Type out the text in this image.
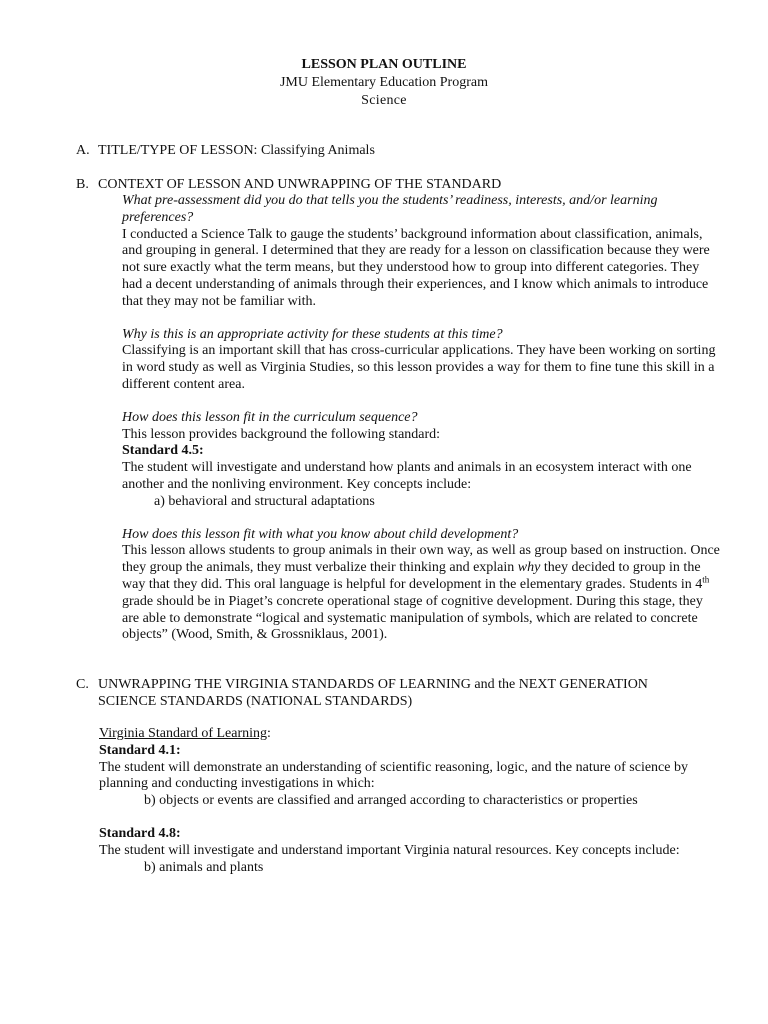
LESSON PLAN OUTLINE
JMU Elementary Education Program
Science
A. TITLE/TYPE OF LESSON: Classifying Animals
B. CONTEXT OF LESSON AND UNWRAPPING OF THE STANDARD

What pre-assessment did you do that tells you the students’ readiness, interests, and/or learning preferences?

I conducted a Science Talk to gauge the students’ background information about classification, animals, and grouping in general. I determined that they are ready for a lesson on classification because they were not sure exactly what the term means, but they understood how to group into different categories. They had a decent understanding of animals through their experiences, and I know which animals to introduce that they may not be familiar with.

Why is this is an appropriate activity for these students at this time?

Classifying is an important skill that has cross-curricular applications. They have been working on sorting in word study as well as Virginia Studies, so this lesson provides a way for them to fine tune this skill in a different content area.

How does this lesson fit in the curriculum sequence?

This lesson provides background the following standard:

Standard 4.5:

The student will investigate and understand how plants and animals in an ecosystem interact with one another and the nonliving environment. Key concepts include:

a) behavioral and structural adaptations

How does this lesson fit with what you know about child development?

This lesson allows students to group animals in their own way, as well as group based on instruction. Once they group the animals, they must verbalize their thinking and explain why they decided to group in the way that they did. This oral language is helpful for development in the elementary grades. Students in 4th grade should be in Piaget’s concrete operational stage of cognitive development. During this stage, they are able to demonstrate “logical and systematic manipulation of symbols, which are related to concrete objects” (Wood, Smith, & Grossniklaus, 2001).

C. UNWRAPPING THE VIRGINIA STANDARDS OF LEARNING and the NEXT GENERATION SCIENCE STANDARDS (NATIONAL STANDARDS)

Virginia Standard of Learning:

Standard 4.1:

The student will demonstrate an understanding of scientific reasoning, logic, and the nature of science by planning and conducting investigations in which:

b) objects or events are classified and arranged according to characteristics or properties

Standard 4.8:

The student will investigate and understand important Virginia natural resources. Key concepts include:

b) animals and plants
